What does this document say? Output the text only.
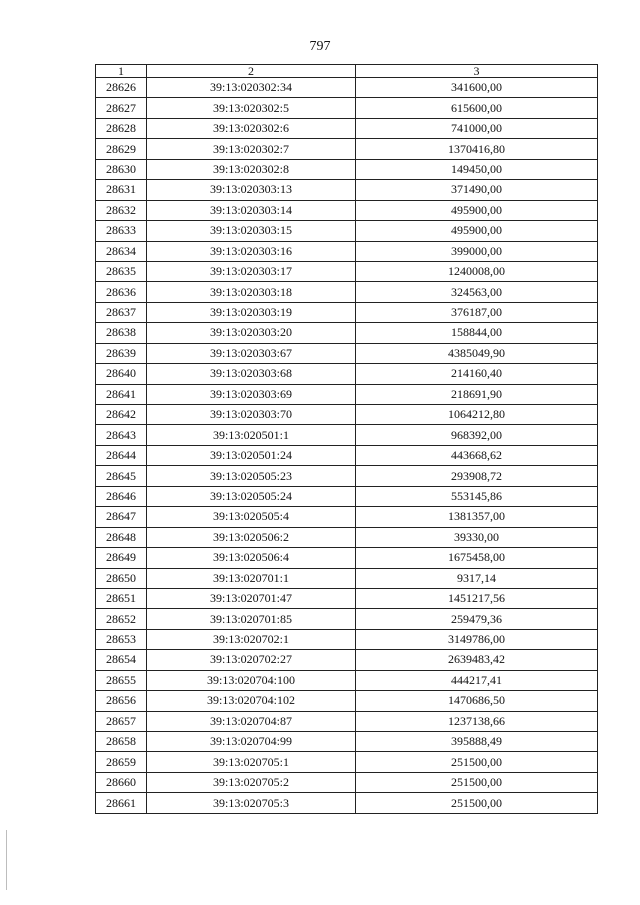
797
1	2	3
28626	39:13:020302:34	341600,00
28627	39:13:020302:5	615600,00
28628	39:13:020302:6	741000,00
28629	39:13:020302:7	1370416,80
28630	39:13:020302:8	149450,00
28631	39:13:020303:13	371490,00
28632	39:13:020303:14	495900,00
28633	39:13:020303:15	495900,00
28634	39:13:020303:16	399000,00
28635	39:13:020303:17	1240008,00
28636	39:13:020303:18	324563,00
28637	39:13:020303:19	376187,00
28638	39:13:020303:20	158844,00
28639	39:13:020303:67	4385049,90
28640	39:13:020303:68	214160,40
28641	39:13:020303:69	218691,90
28642	39:13:020303:70	1064212,80
28643	39:13:020501:1	968392,00
28644	39:13:020501:24	443668,62
28645	39:13:020505:23	293908,72
28646	39:13:020505:24	553145,86
28647	39:13:020505:4	1381357,00
28648	39:13:020506:2	39330,00
28649	39:13:020506:4	1675458,00
28650	39:13:020701:1	9317,14
28651	39:13:020701:47	1451217,56
28652	39:13:020701:85	259479,36
28653	39:13:020702:1	3149786,00
28654	39:13:020702:27	2639483,42
28655	39:13:020704:100	444217,41
28656	39:13:020704:102	1470686,50
28657	39:13:020704:87	1237138,66
28658	39:13:020704:99	395888,49
28659	39:13:020705:1	251500,00
28660	39:13:020705:2	251500,00
28661	39:13:020705:3	251500,00
